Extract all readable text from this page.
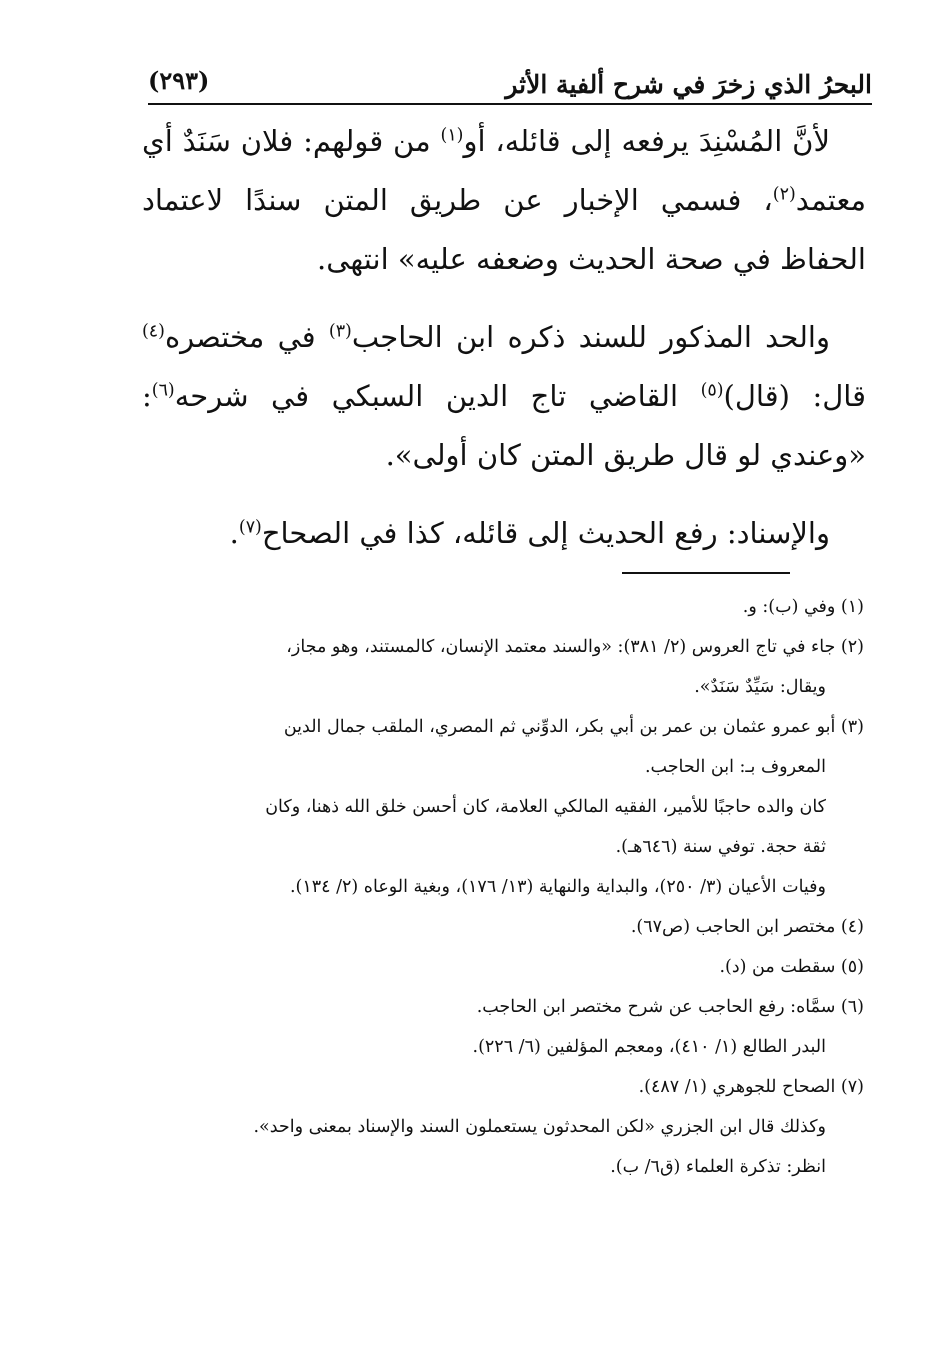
البحرُ الذي زخرَ في شرح ألفية الأثر
(٢٩٣)

لأنَّ المُسْنِدَ يرفعه إلى قائله، أو$^{(١)}$ من قولهم: فلان سَنَدٌ أي معتمد$^{(٢)}$، فسمي الإخبار عن طريق المتن سندًا لاعتماد الحفاظ في صحة الحديث وضعفه عليه» انتهى.

والحد المذكور للسند ذكره ابن الحاجب$^{(٣)}$ في مختصره$^{(٤)}$ قال: (قال)$^{(٥)}$ القاضي تاج الدين السبكي في شرحه$^{(٦)}$: «وعندي لو قال طريق المتن كان أولى».

والإسناد: رفع الحديث إلى قائله، كذا في الصحاح$^{(٧)}$.

(١) وفي (ب): و.

(٢) جاء في تاج العروس (٢/ ٣٨١): «والسند معتمد الإنسان، كالمستند، وهو مجاز،

ويقال: سَيِّدٌ سَنَدٌ».

(٣) أبو عمرو عثمان بن عمر بن أبي بكر، الدوِّني ثم المصري، الملقب جمال الدين

المعروف بـ: ابن الحاجب.

كان والده حاجبًا للأمير، الفقيه المالكي العلامة، كان أحسن خلق الله ذهنا، وكان

ثقة حجة. توفي سنة (٦٤٦هـ).

وفيات الأعيان (٣/ ٢٥٠)، والبداية والنهاية (١٣/ ١٧٦)، وبغية الوعاه (٢/ ١٣٤).

(٤) مختصر ابن الحاجب (ص٦٧).

(٥) سقطت من (د).

(٦) سمَّاه: رفع الحاجب عن شرح مختصر ابن الحاجب.

البدر الطالع (١/ ٤١٠)، ومعجم المؤلفين (٦/ ٢٢٦).

(٧) الصحاح للجوهري (١/ ٤٨٧).

وكذلك قال ابن الجزري «لكن المحدثون يستعملون السند والإسناد بمعنى واحد».

انظر: تذكرة العلماء (ق٦/ ب).
